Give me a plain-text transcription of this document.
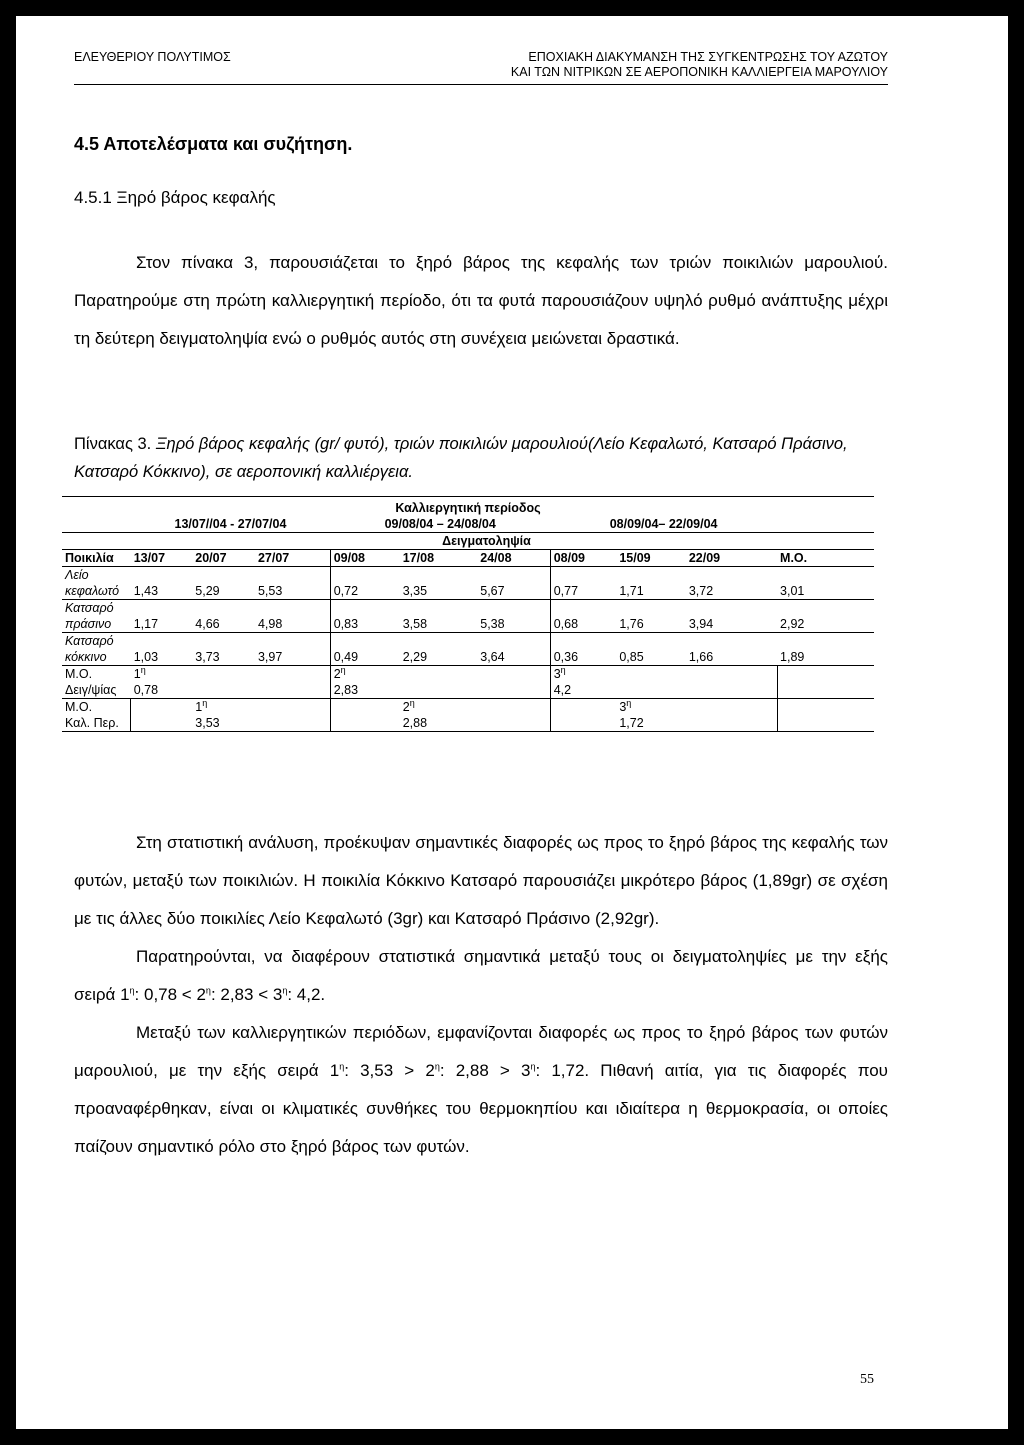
ΕΛΕΥΘΕΡΙΟΥ ΠΟΛΥΤΙΜΟΣ	ΕΠΟΧΙΑΚΗ ΔΙΑΚΥΜΑΝΣΗ ΤΗΣ ΣΥΓΚΕΝΤΡΩΣΗΣ ΤΟΥ ΑΖΩΤΟΥ
ΚΑΙ ΤΩΝ ΝΙΤΡΙΚΩΝ ΣΕ ΑΕΡΟΠΟΝΙΚΗ ΚΑΛΛΙΕΡΓΕΙΑ ΜΑΡΟΥΛΙΟΥ
4.5 Αποτελέσματα και συζήτηση.
4.5.1 Ξηρό βάρος κεφαλής

Στον πίνακα 3, παρουσιάζεται το ξηρό βάρος της κεφαλής των τριών ποικιλιών μαρουλιού. Παρατηρούμε στη πρώτη καλλιεργητική περίοδο, ότι τα φυτά παρουσιάζουν υψηλό ρυθμό ανάπτυξης μέχρι τη δεύτερη δειγματοληψία ενώ ο ρυθμός αυτός στη συνέχεια μειώνεται δραστικά.

Πίνακας 3. Ξηρό βάρος κεφαλής (gr/ φυτό), τριών ποικιλιών μαρουλιού(Λείο Κεφαλωτό, Κατσαρό Πράσινο, Κατσαρό Κόκκινο), σε αεροπονική καλλιέργεια.
Καλλιεργητική περίοδος										
	13/07//04 - 27/07/04			09/08/04 – 24/08/04			08/09/04– 22/09/04			
Δειγματοληψία										
Ποικιλία	13/07	20/07	27/07	09/08	17/08	24/08	08/09	15/09	22/09	Μ.Ο.
Λείο										
κεφαλωτό	1,43	5,29	5,53	0,72	3,35	5,67	0,77	1,71	3,72	3,01
Κατσαρό										
πράσινο	1,17	4,66	4,98	0,83	3,58	5,38	0,68	1,76	3,94	2,92
Κατσαρό										
κόκκινο	1,03	3,73	3,97	0,49	2,29	3,64	0,36	0,85	1,66	1,89
Μ.Ο.	$1^\eta$			$2^\eta$			$3^\eta$			
Δειγ/ψίας	0,78			2,83			4,2			
Μ.Ο.		$1^\eta$			$2^\eta$			$3^\eta$		
Καλ. Περ.		3,53			2,88			1,72		

Στη στατιστική ανάλυση, προέκυψαν σημαντικές διαφορές ως προς το ξηρό βάρος της κεφαλής των φυτών, μεταξύ των ποικιλιών. Η ποικιλία Κόκκινο Κατσαρό παρουσιάζει μικρότερο βάρος (1,89gr) σε σχέση με τις άλλες δύο ποικιλίες Λείο Κεφαλωτό (3gr) και Κατσαρό Πράσινο (2,92gr).

Παρατηρούνται, να διαφέρουν στατιστικά σημαντικά μεταξύ τους οι δειγματοληψίες με την εξής σειρά $1^\eta$: $0,78 < 2^\eta$: $2,83 < 3^\eta$: 4,2.

Μεταξύ των καλλιεργητικών περιόδων, εμφανίζονται διαφορές ως προς το ξηρό βάρος των φυτών μαρουλιού, με την εξής σειρά $1^\eta$: $3,53 > 2^\eta$: $2,88 > 3^\eta$: 1,72. Πιθανή αιτία, για τις διαφορές που προαναφέρθηκαν, είναι οι κλιματικές συνθήκες του θερμοκηπίου και ιδιαίτερα η θερμοκρασία, οι οποίες παίζουν σημαντικό ρόλο στο ξηρό βάρος των φυτών.

55
